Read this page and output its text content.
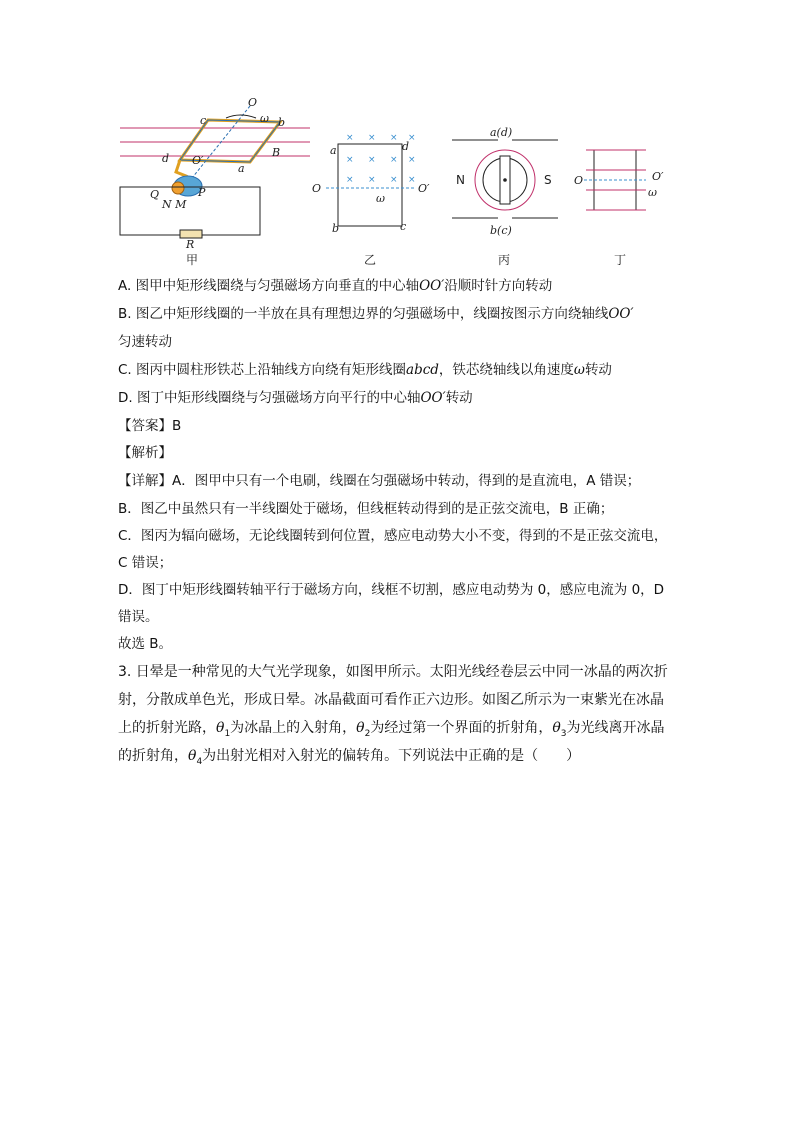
O
ω b
B
c
d
a
O′
Q	P
N M
R
甲
× × × ×
× × × ×
× × × ×
a	d
O	O′
ω
b	c
乙
a(d)
b(c)
N	S
丙
O	O′
ω
丁
A. 图甲中矩形线圈绕与匀强磁场方向垂直的中心轴OO′沿顺时针方向转动
B. 图乙中矩形线圈的一半放在具有理想边界的匀强磁场中，线圈按图示方向绕轴线OO′
匀速转动
C. 图丙中圆柱形铁芯上沿轴线方向绕有矩形线圈abcd，铁芯绕轴线以角速度ω转动
D. 图丁中矩形线圈绕与匀强磁场方向平行的中心轴OO′转动
【答案】B
【解析】
【详解】A．图甲中只有一个电刷，线圈在匀强磁场中转动，得到的是直流电，A 错误；
B．图乙中虽然只有一半线圈处于磁场，但线框转动得到的是正弦交流电，B 正确；
C．图丙为辐向磁场，无论线圈转到何位置，感应电动势大小不变，得到的不是正弦交流电，
C 错误；
D．图丁中矩形线圈转轴平行于磁场方向，线框不切割，感应电动势为 0，感应电流为 0，D
错误。
故选 B。
3. 日晕是一种常见的大气光学现象，如图甲所示。太阳光线经卷层云中同一冰晶的两次折
射，分散成单色光，形成日晕。冰晶截面可看作正六边形。如图乙所示为一束紫光在冰晶
上的折射光路，$\theta_1$为冰晶上的入射角，$\theta_2$为经过第一个界面的折射角，$\theta_3$为光线离开冰晶
的折射角，$\theta_4$为出射光相对入射光的偏转角。下列说法中正确的是（　　）
